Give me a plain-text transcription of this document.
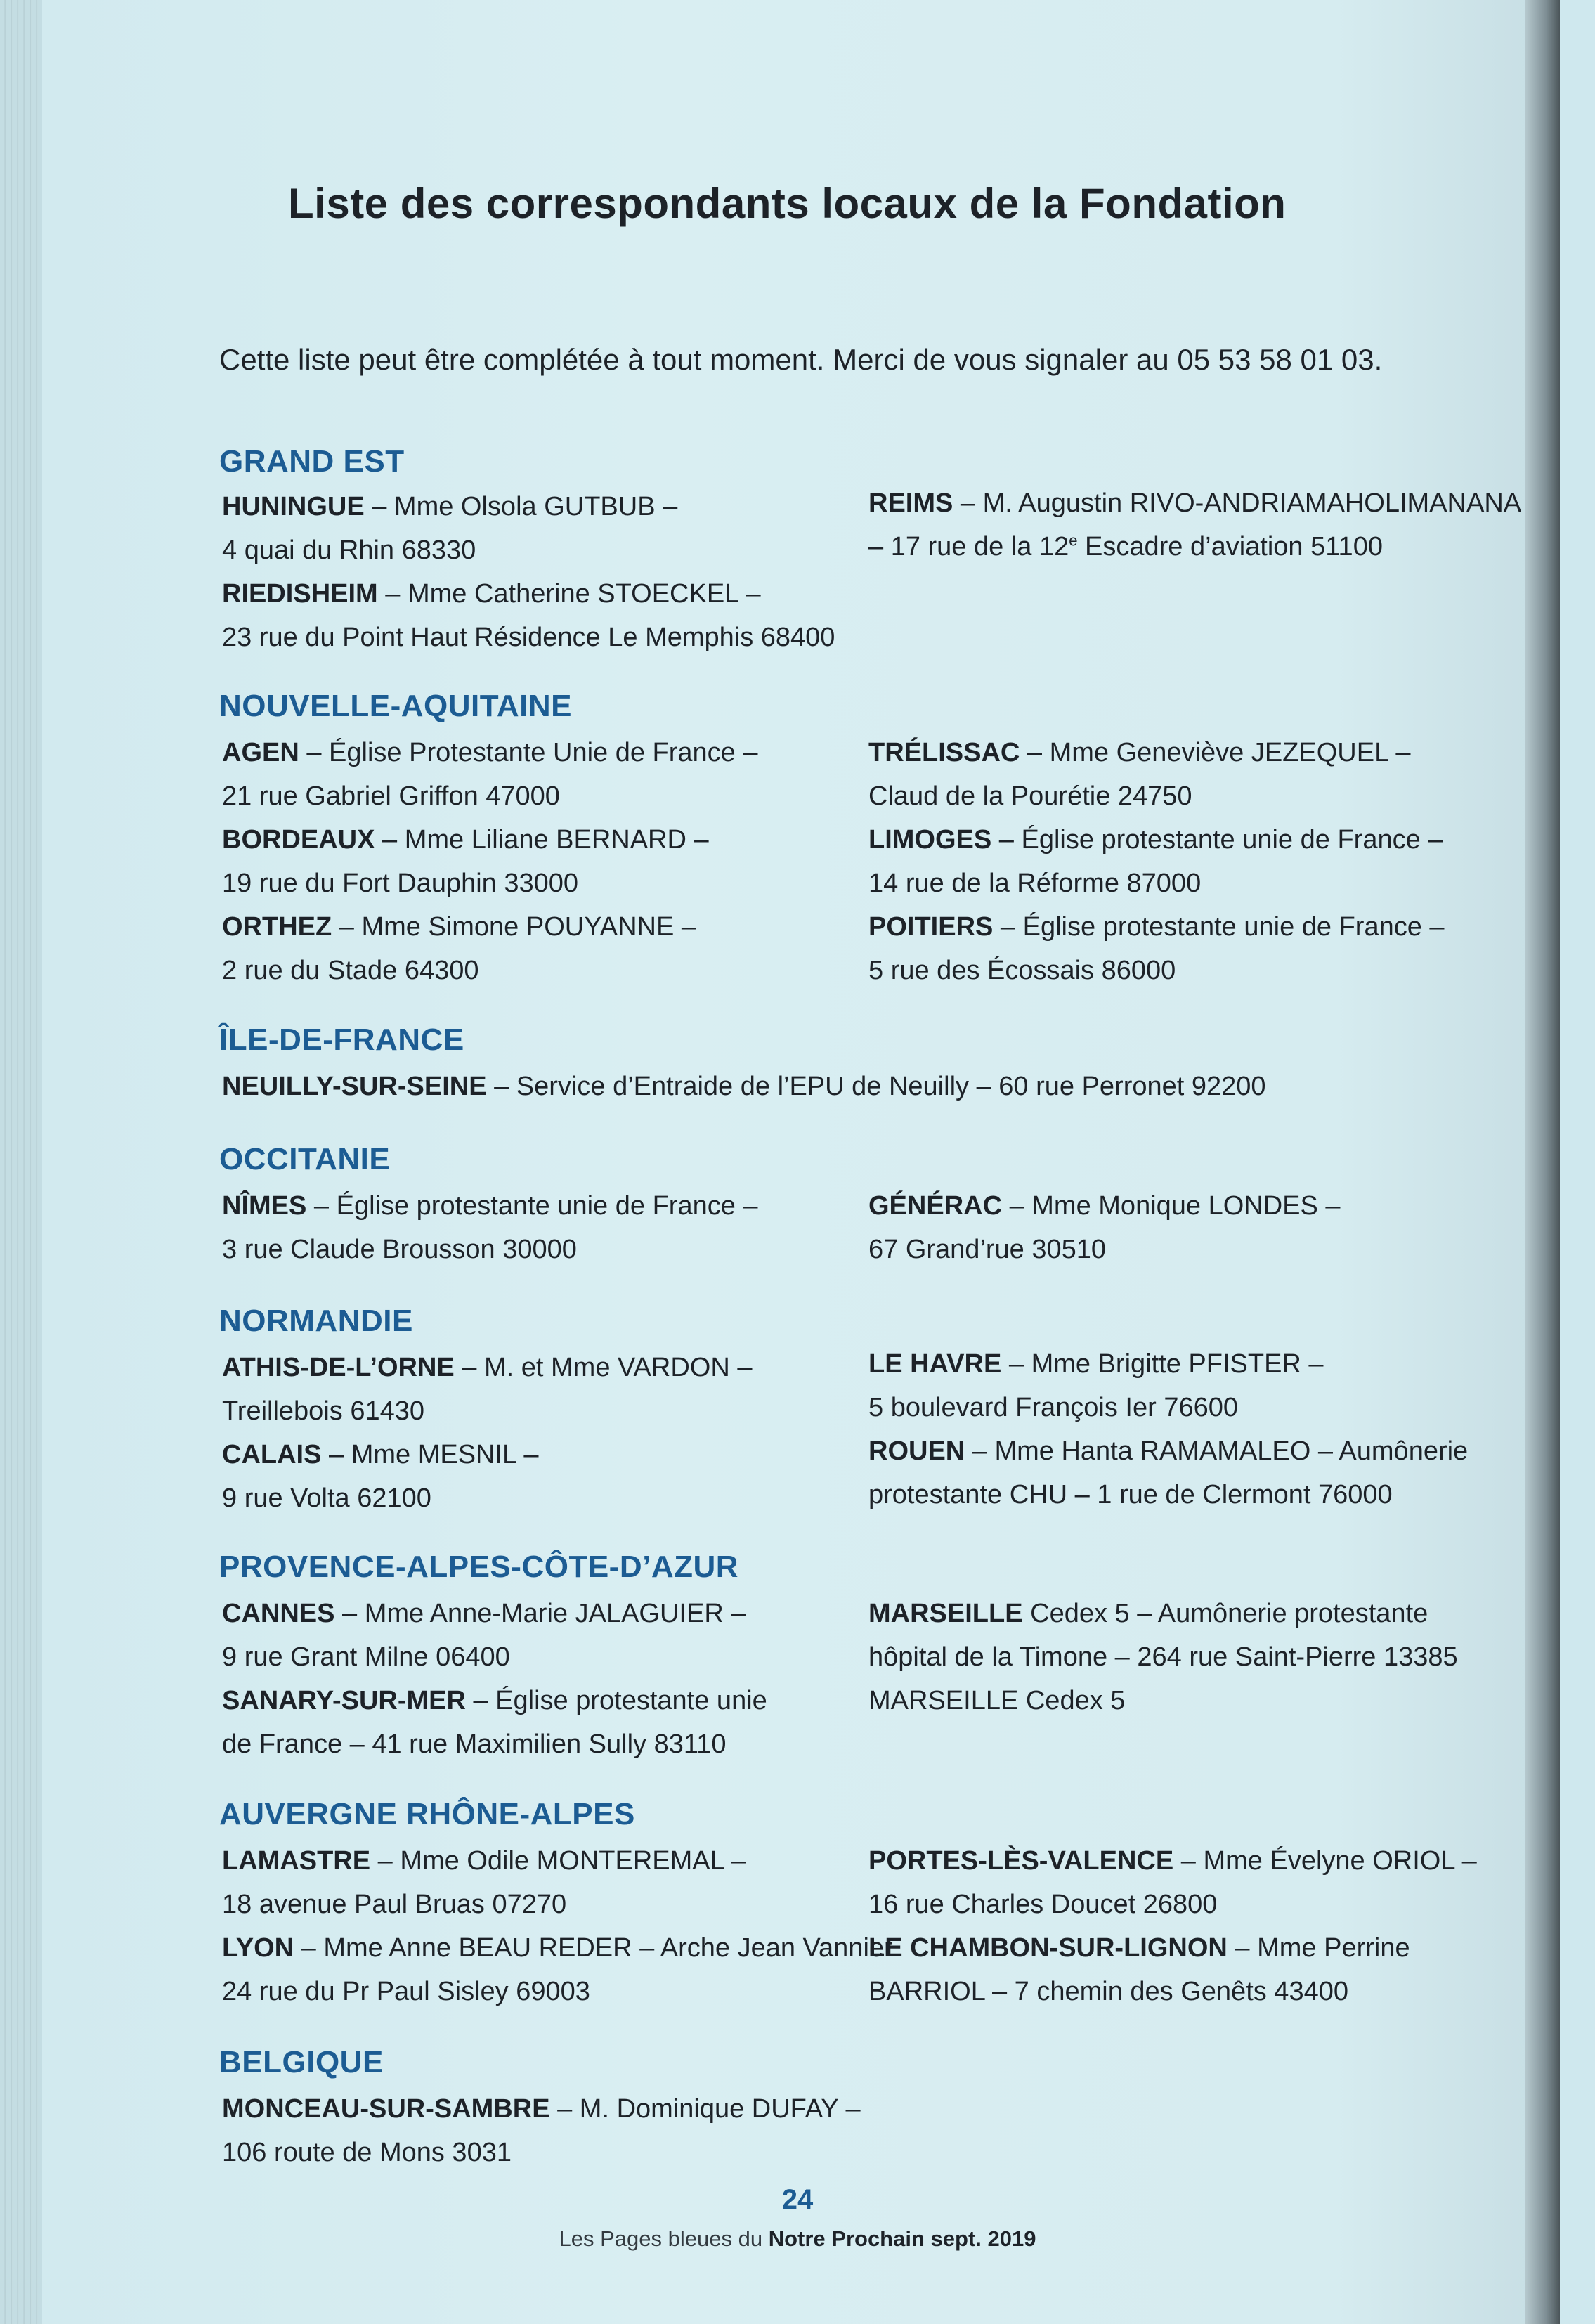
Liste des correspondants locaux de la Fondation
Cette liste peut être complétée à tout moment. Merci de vous signaler au 05 53 58 01 03.
GRAND EST
HUNINGUE – Mme Olsola GUTBUB –
4 quai du Rhin 68330
RIEDISHEIM – Mme Catherine STOECKEL –
23 rue du Point Haut Résidence Le Memphis 68400
REIMS – M. Augustin RIVO-ANDRIAMAHOLIMANANA
– 17 rue de la 12e Escadre d’aviation 51100
NOUVELLE-AQUITAINE
AGEN – Église Protestante Unie de France –
21 rue Gabriel Griffon 47000
BORDEAUX – Mme Liliane BERNARD –
19 rue du Fort Dauphin 33000
ORTHEZ – Mme Simone POUYANNE –
2 rue du Stade 64300
TRÉLISSAC – Mme Geneviève JEZEQUEL –
Claud de la Pourétie 24750
LIMOGES – Église protestante unie de France –
14 rue de la Réforme 87000
POITIERS – Église protestante unie de France –
5 rue des Écossais 86000
ÎLE-DE-FRANCE
NEUILLY-SUR-SEINE – Service d’Entraide de l’EPU de Neuilly – 60 rue Perronet 92200
OCCITANIE
NÎMES – Église protestante unie de France –
3 rue Claude Brousson 30000
GÉNÉRAC – Mme Monique LONDES –
67 Grand’rue 30510
NORMANDIE
ATHIS-DE-L’ORNE – M. et Mme VARDON –
Treillebois 61430
CALAIS – Mme MESNIL –
9 rue Volta 62100
LE HAVRE – Mme Brigitte PFISTER –
5 boulevard François Ier 76600
ROUEN – Mme Hanta RAMAMALEO – Aumônerie
protestante CHU – 1 rue de Clermont 76000
PROVENCE-ALPES-CÔTE-D’AZUR
CANNES – Mme Anne-Marie JALAGUIER –
9 rue Grant Milne 06400
SANARY-SUR-MER – Église protestante unie
de France – 41 rue Maximilien Sully 83110
MARSEILLE Cedex 5 – Aumônerie protestante
hôpital de la Timone – 264 rue Saint-Pierre 13385
MARSEILLE Cedex 5
AUVERGNE RHÔNE-ALPES
LAMASTRE – Mme Odile MONTEREMAL –
18 avenue Paul Bruas 07270
LYON – Mme Anne BEAU REDER – Arche Jean Vannier
24 rue du Pr Paul Sisley 69003
PORTES-LÈS-VALENCE – Mme Évelyne ORIOL –
16 rue Charles Doucet 26800
LE CHAMBON-SUR-LIGNON – Mme Perrine
BARRIOL – 7 chemin des Genêts 43400
BELGIQUE
MONCEAU-SUR-SAMBRE – M. Dominique DUFAY –
106 route de Mons 3031
24
Les Pages bleues du Notre Prochain sept. 2019
